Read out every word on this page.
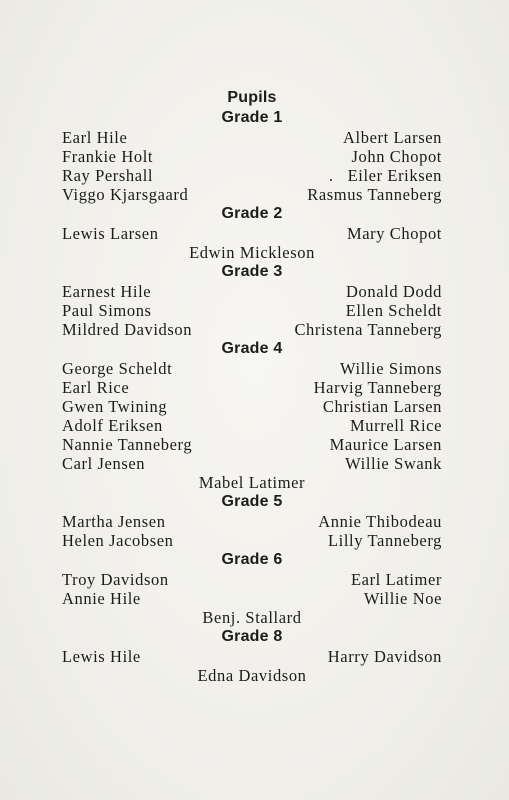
Pupils
Grade 1
Earl Hile	Albert Larsen
Frankie Holt	John Chopot
Ray Pershall	. Eiler Eriksen
Viggo Kjarsgaard	Rasmus Tanneberg
Grade 2
Lewis Larsen	Mary Chopot
Edwin Mickleson
Grade 3
Earnest Hile	Donald Dodd
Paul Simons	Ellen Scheldt
Mildred Davidson	Christena Tanneberg
Grade 4
George Scheldt	Willie Simons
Earl Rice	Harvig Tanneberg
Gwen Twining	Christian Larsen
Adolf Eriksen	Murrell Rice
Nannie Tanneberg	Maurice Larsen
Carl Jensen	Willie Swank
Mabel Latimer
Grade 5
Martha Jensen	Annie Thibodeau
Helen Jacobsen	Lilly Tanneberg
Grade 6
Troy Davidson	Earl Latimer
Annie Hile	Willie Noe
Benj. Stallard
Grade 8
Lewis Hile	Harry Davidson
Edna Davidson
